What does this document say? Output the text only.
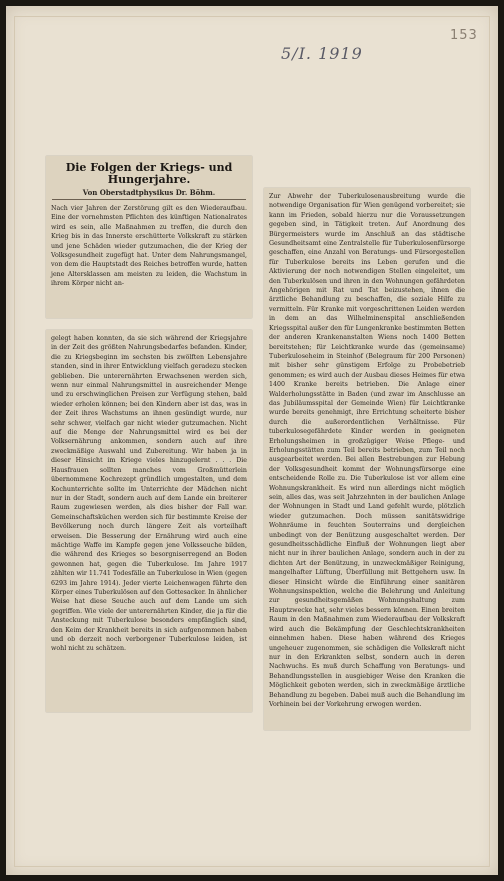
153
5/I. 1919
Die Folgen der Kriegs- und Hungerjahre.
Von Oberstadtphysikus Dr. Böhm.
Nach vier Jahren der Zerstörung gilt es den Wiederaufbau. Eine der vornehmsten Pflichten des künftigen Nationalrates wird es sein, alle Maßnahmen zu treffen, die durch den Krieg bis in das Innerste erschütterte Volkskraft zu stärken und jene Schäden wieder gutzumachen, die der Krieg der Volksgesundheit zugefügt hat. Unter dem Nahrungsmangel, von dem die Hauptstadt des Reiches betroffen wurde, hatten jene Altersklassen am meisten zu leiden, die Wachstum in ihrem Körper nicht an-
gelegt haben konnten, da sie sich während der Kriegsjahre in der Zeit des größten Nahrungsbedarfes befanden. Kinder, die zu Kriegsbeginn im sechsten bis zwölften Lebensjahre standen, sind in ihrer Entwicklung vielfach geradezu stecken geblieben. Die unterernährten Erwachsenen werden sich, wenn nur einmal Nahrungsmittel in ausreichender Menge und zu erschwinglichen Preisen zur Verfügung stehen, bald wieder erholen können; bei den Kindern aber ist das, was in der Zeit ihres Wachstums an ihnen gesündigt wurde, nur sehr schwer, vielfach gar nicht wieder gutzumachen. Nicht auf die Menge der Nahrungsmittel wird es bei der Volksernährung ankommen, sondern auch auf ihre zweckmäßige Auswahl und Zubereitung. Wir haben ja in dieser Hinsicht im Kriege vieles hinzugelernt . . . Die Hausfrauen sollten manches vom Großmütterlein übernommene Kochrezept gründlich umgestalten, und dem Kochunterrichte sollte im Unterrichte der Mädchen nicht nur in der Stadt, sondern auch auf dem Lande ein breiterer Raum zugewiesen werden, als dies bisher der Fall war. Gemeinschaftsküchen werden sich für bestimmte Kreise der Bevölkerung noch durch längere Zeit als vorteilhaft erweisen. Die Besserung der Ernährung wird auch eine mächtige Waffe im Kampfe gegen jene Volksseuche bilden, die während des Krieges so besorgniserregend an Boden gewonnen hat, gegen die Tuberkulose. Im Jahre 1917 zählten wir 11.741 Todesfälle an Tuberkulose in Wien (gegen 6293 im Jahre 1914). Jeder vierte Leichenwagen führte den Körper eines Tuberkulösen auf den Gottesacker. In ähnlicher Weise hat diese Seuche auch auf dem Lande um sich gegriffen. Wie viele der unterernährten Kinder, die ja für die Ansteckung mit Tuberkulose besonders empfänglich sind, den Keim der Krankheit bereits in sich aufgenommen haben und ob derzeit noch verborgener Tuberkulose leiden, ist wohl nicht zu schätzen.
Zur Abwehr der Tuberkulosenausbreitung wurde die notwendige Organisation für Wien genügend vorbereitet; sie kann im Frieden, sobald hierzu nur die Voraussetzungen gegeben sind, in Tätigkeit treten. Auf Anordnung des Bürgermeisters wurde im Anschluß an das städtische Gesundheitsamt eine Zentralstelle für Tuberkulosenfürsorge geschaffen, eine Anzahl von Beratungs- und Fürsorgestellen für Tuberkulose bereits ins Leben gerufen und die Aktivierung der noch notwendigen Stellen eingeleitet, um den Tuberkulösen und ihren in den Wohnungen gefährdeten Angehörigen mit Rat und Tat beizustehen, ihnen die ärztliche Behandlung zu beschaffen, die soziale Hilfe zu vermitteln. Für Kranke mit vorgeschrittenen Leiden werden in dem an das Wilhelminenspital anschließenden Kriegsspital außer den für Lungenkranke bestimmten Betten der anderen Krankenanstalten Wiens noch 1400 Betten bereitstehen; für Leichtkranke wurde das (gemeinsame) Tuberkuloseheim in Steinhof (Belegraum für 200 Personen) mit bisher sehr günstigem Erfolge zu Probebetrieb genommen; es wird auch der Ausbau dieses Heimes für etwa 1400 Kranke bereits betrieben. Die Anlage einer Walderholungsstätte in Baden (und zwar im Anschlusse an das Jubiläumsspital der Gemeinde Wien) für Leichtkranke wurde bereits genehmigt, ihre Errichtung scheiterte bisher durch die außerordentlichen Verhältnisse. Für tuberkulosegefährdete Kinder werden in geeigneten Erholungsheimen in großzügiger Weise Pflege- und Erholungsstätten zum Teil bereits betrieben, zum Teil noch ausgearbeitet werden. Bei allen Bestrebungen zur Hebung der Volksgesundheit kommt der Wohnungsfürsorge eine entscheidende Rolle zu. Die Tuberkulose ist vor allem eine Wohnungskrankheit. Es wird nun allerdings nicht möglich sein, alles das, was seit Jahrzehnten in der baulichen Anlage der Wohnungen in Stadt und Land gefehlt wurde, plötzlich wieder gutzumachen. Doch müssen sanitätswidrige Wohnräume in feuchten Souterrains und dergleichen unbedingt von der Benützung ausgeschaltet werden. Der gesundheitsschädliche Einfluß der Wohnungen liegt aber nicht nur in ihrer baulichen Anlage, sondern auch in der zu dichten Art der Benützung, in unzweckmäßiger Reinigung, mangelhafter Lüftung, Überfüllung mit Bettgehern usw. In dieser Hinsicht würde die Einführung einer sanitären Wohnungsinspektion, welche die Belehrung und Anleitung zur gesundheitsgemäßen Wohnungshaltung zum Hauptzwecke hat, sehr vieles bessern können. Einen breiten Raum in den Maßnahmen zum Wiederaufbau der Volkskraft wird auch die Bekämpfung der Geschlechtskrankheiten einnehmen haben. Diese haben während des Krieges ungeheuer zugenommen, sie schädigen die Volkskraft nicht nur in den Erkrankten selbst, sondern auch in deren Nachwuchs. Es muß durch Schaffung von Beratungs- und Behandlungsstellen in ausgiebiger Weise den Kranken die Möglichkeit geboten werden, sich in zweckmäßige ärztliche Behandlung zu begeben. Dabei muß auch die Behandlung im Vorhinein bei der Vorkehrung erwogen werden.
